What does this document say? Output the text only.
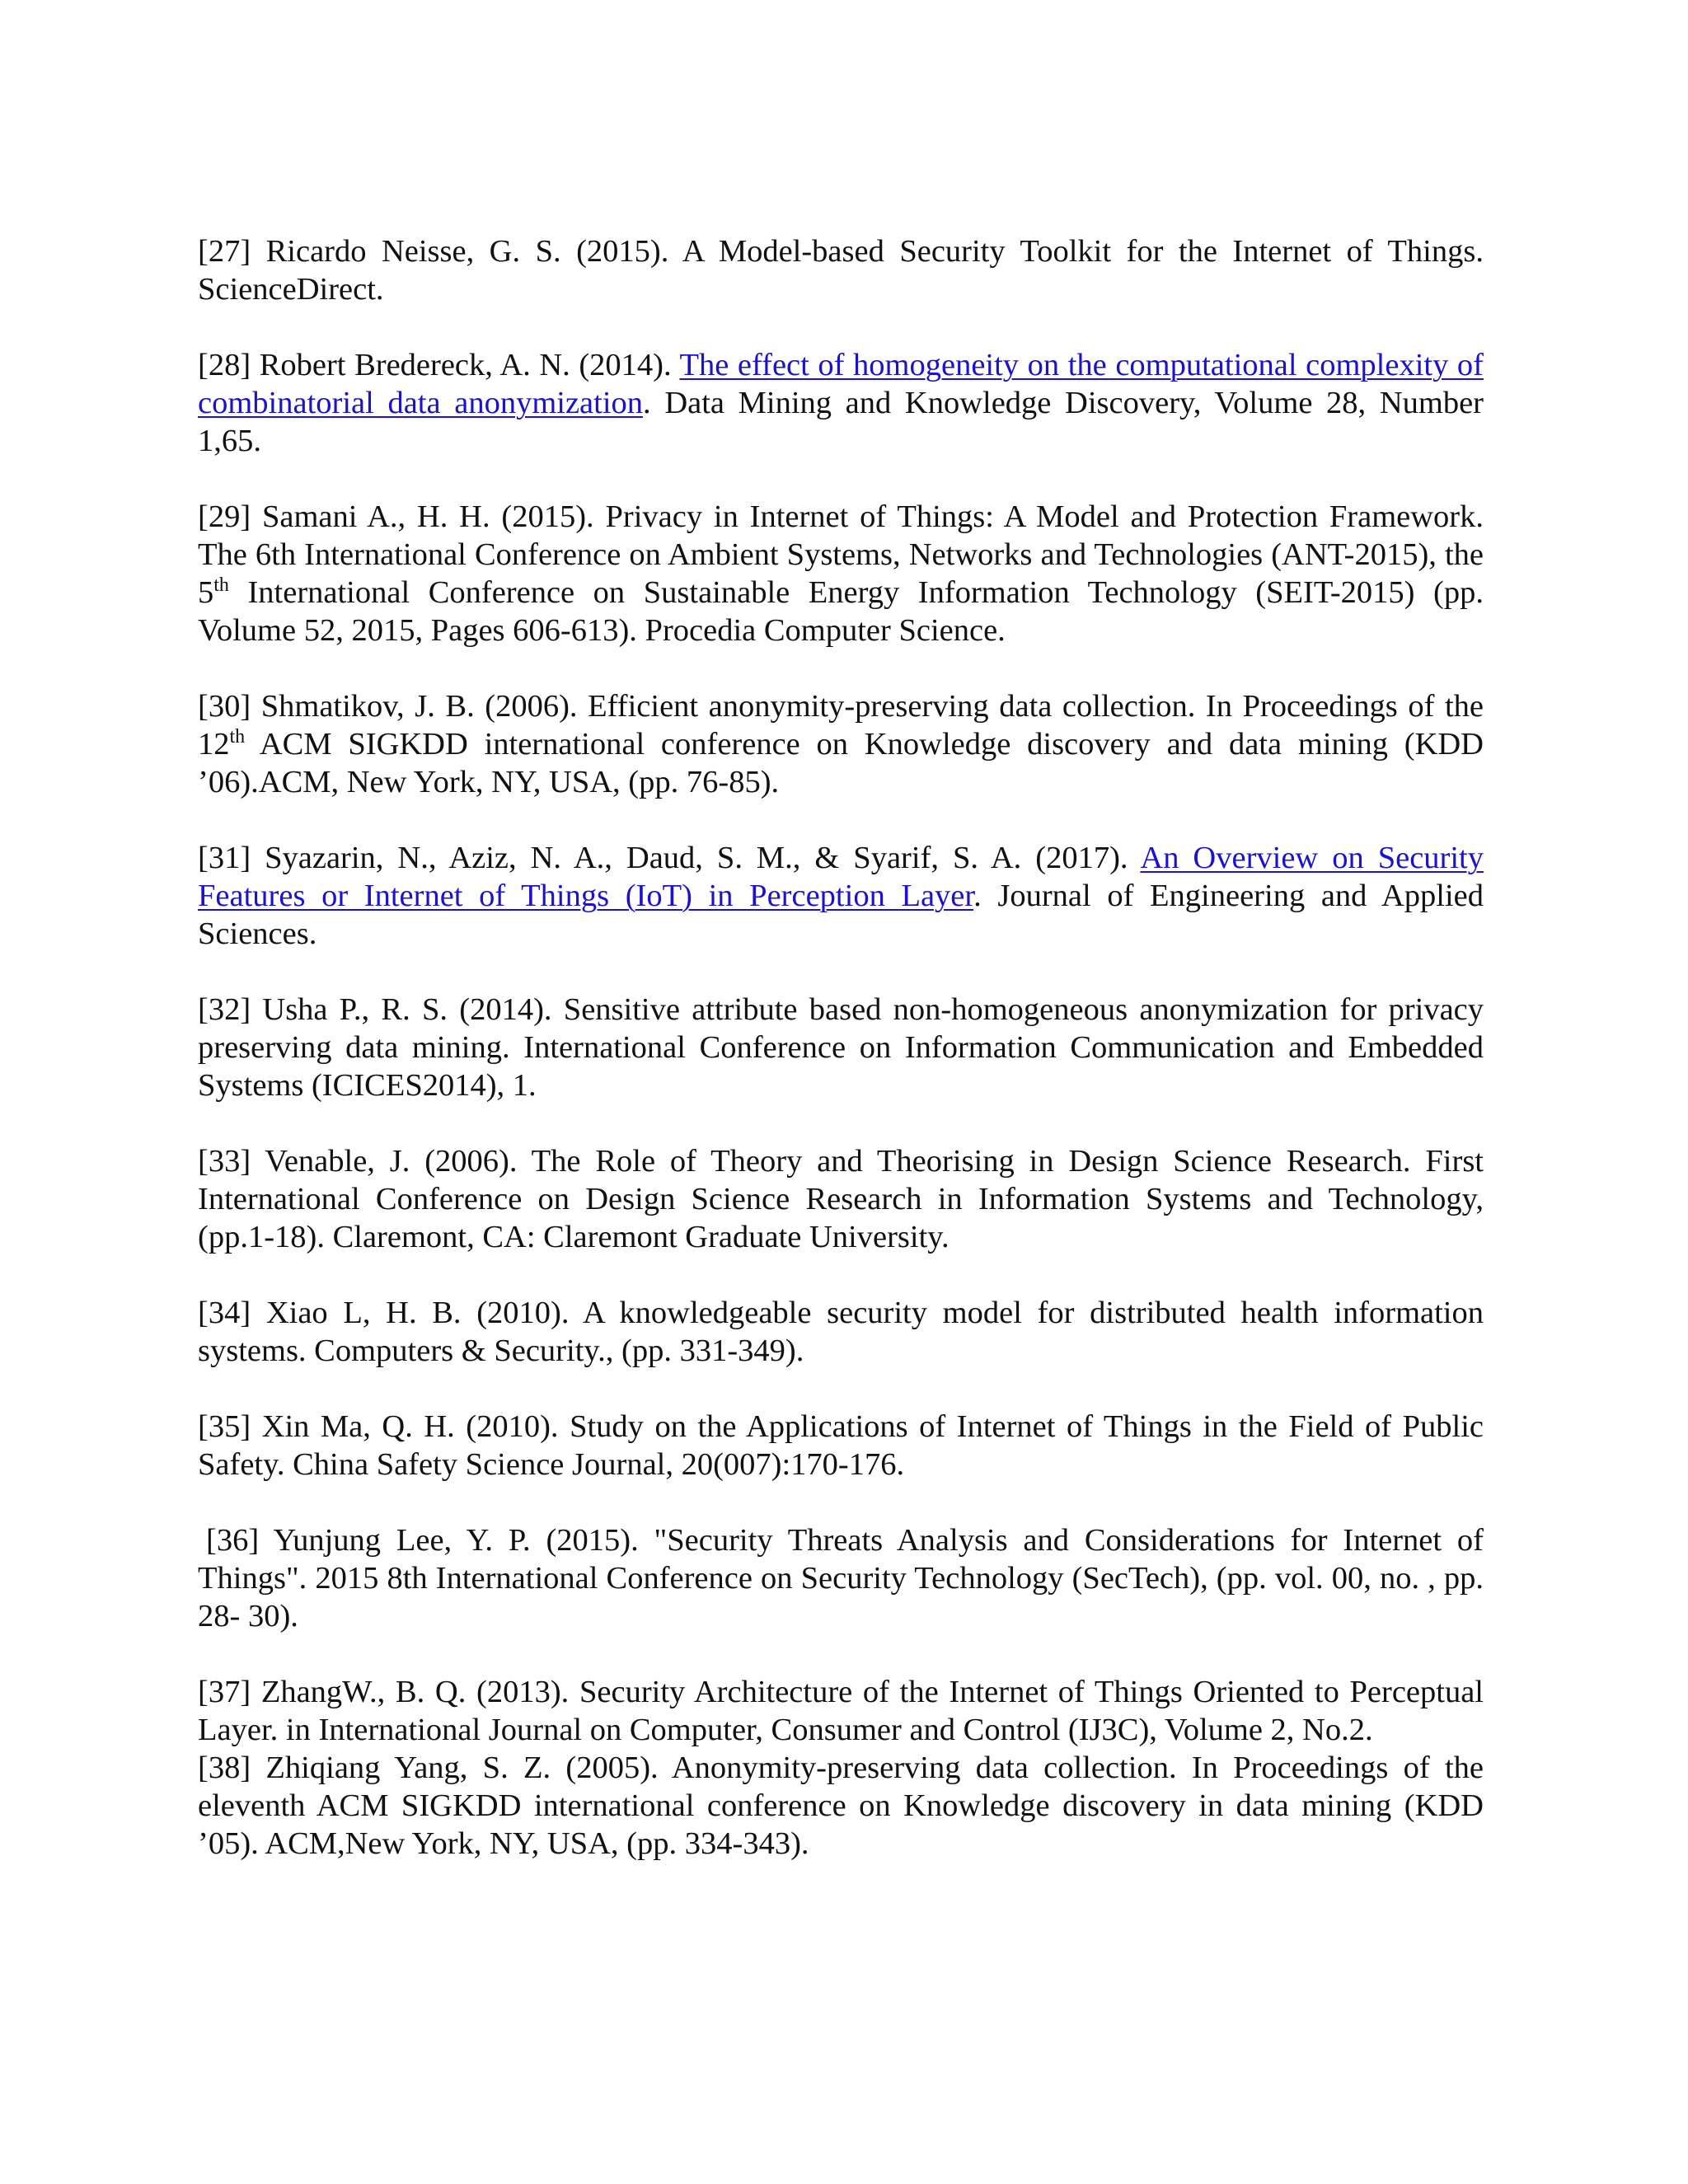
[27] Ricardo Neisse, G. S. (2015). A Model-based Security Toolkit for the Internet of Things. ScienceDirect.

[28] Robert Bredereck, A. N. (2014). The effect of homogeneity on the computational complexity of combinatorial data anonymization. Data Mining and Knowledge Discovery, Volume 28, Number 1,65.

[29] Samani A., H. H. (2015). Privacy in Internet of Things: A Model and Protection Framework. The 6th International Conference on Ambient Systems, Networks and Technologies (ANT-2015), the 5th International Conference on Sustainable Energy Information Technology (SEIT-2015) (pp. Volume 52, 2015, Pages 606-613). Procedia Computer Science.

[30] Shmatikov, J. B. (2006). Efficient anonymity-preserving data collection. In Proceedings of the 12th ACM SIGKDD international conference on Knowledge discovery and data mining (KDD ’06).ACM, New York, NY, USA, (pp. 76-85).

[31] Syazarin, N., Aziz, N. A., Daud, S. M., & Syarif, S. A. (2017). An Overview on Security Features or Internet of Things (IoT) in Perception Layer. Journal of Engineering and Applied Sciences.

[32] Usha P., R. S. (2014). Sensitive attribute based non-homogeneous anonymization for privacy preserving data mining. International Conference on Information Communication and Embedded Systems (ICICES2014), 1.

[33] Venable, J. (2006). The Role of Theory and Theorising in Design Science Research. First International Conference on Design Science Research in Information Systems and Technology, (pp.1-18). Claremont, CA: Claremont Graduate University.

[34] Xiao L, H. B. (2010). A knowledgeable security model for distributed health information systems. Computers & Security., (pp. 331-349).

[35] Xin Ma, Q. H. (2010). Study on the Applications of Internet of Things in the Field of Public Safety. China Safety Science Journal, 20(007):170-176.

[36] Yunjung Lee, Y. P. (2015). "Security Threats Analysis and Considerations for Internet of Things". 2015 8th International Conference on Security Technology (SecTech), (pp. vol. 00, no. , pp. 28- 30).

[37] ZhangW., B. Q. (2013). Security Architecture of the Internet of Things Oriented to Perceptual Layer. in International Journal on Computer, Consumer and Control (IJ3C), Volume 2, No.2.

[38] Zhiqiang Yang, S. Z. (2005). Anonymity-preserving data collection. In Proceedings of the eleventh ACM SIGKDD international conference on Knowledge discovery in data mining (KDD ’05). ACM,New York, NY, USA, (pp. 334-343).
